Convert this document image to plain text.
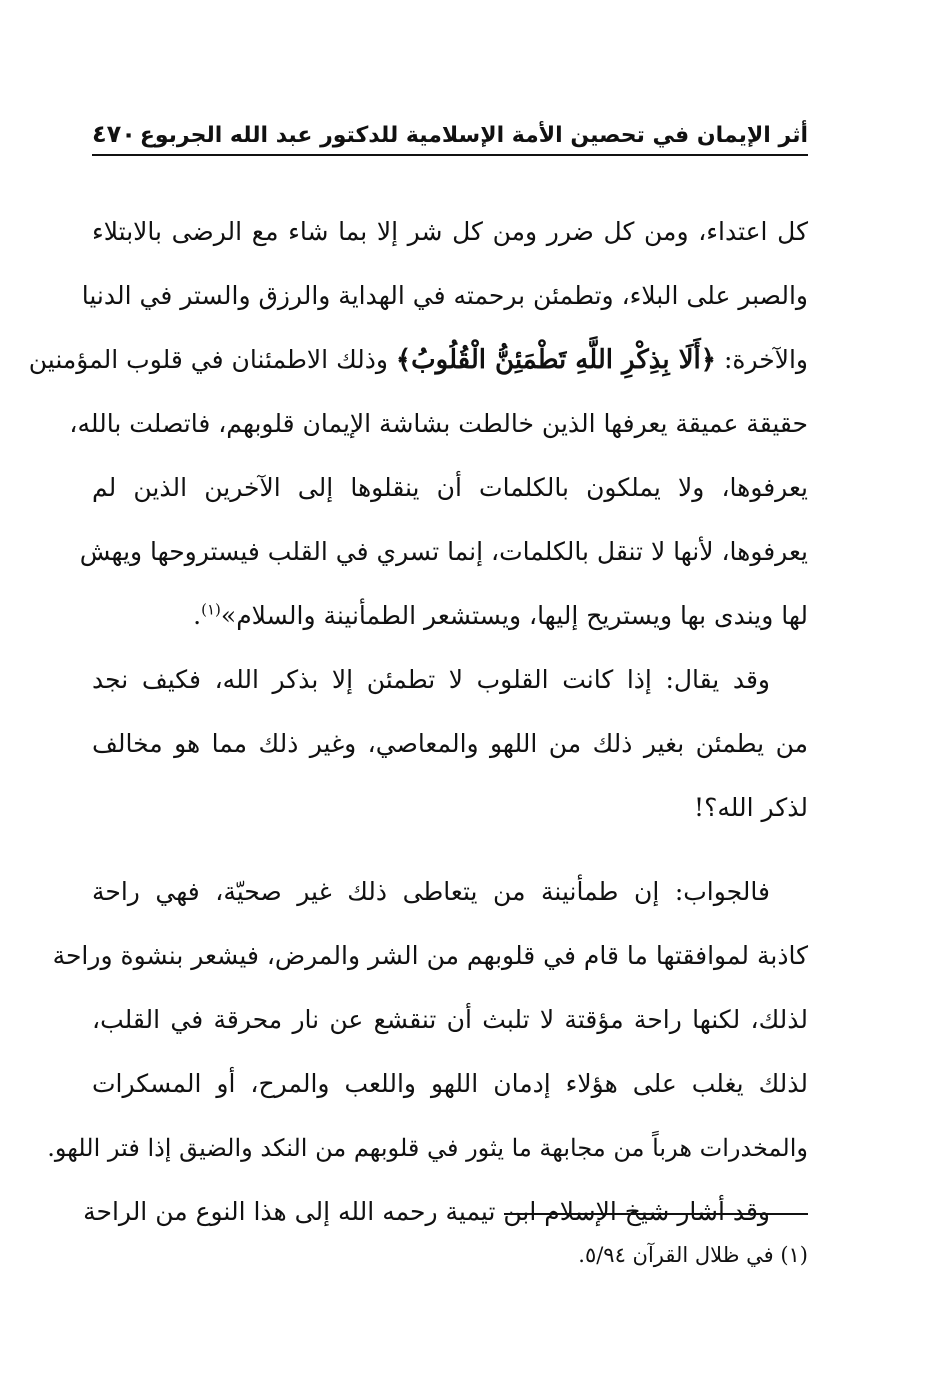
أثر الإيمان في تحصين الأمة الإسلامية للدكتور عبد الله الجربوع
٤٧٠
كل اعتداء، ومن كل ضرر ومن كل شر إلا بما شاء مع الرضى بالابتلاء
والصبر على البلاء، وتطمئن برحمته في الهداية والرزق والستر في الدنيا
والآخرة: ﴿أَلَا بِذِكْرِ اللَّهِ تَطْمَئِنُّ الْقُلُوبُ﴾ وذلك الاطمئنان في قلوب المؤمنين
حقيقة عميقة يعرفها الذين خالطت بشاشة الإيمان قلوبهم، فاتصلت بالله،
يعرفوها، ولا يملكون بالكلمات أن ينقلوها إلى الآخرين الذين لم
يعرفوها، لأنها لا تنقل بالكلمات، إنما تسري في القلب فيستروحها ويهش
لها ويندى بها ويستريح إليها، ويستشعر الطمأنينة والسلام»$^{(١)}$.
وقد يقال: إذا كانت القلوب لا تطمئن إلا بذكر الله، فكيف نجد
من يطمئن بغير ذلك من اللهو والمعاصي، وغير ذلك مما هو مخالف
لذكر الله؟!
فالجواب: إن طمأنينة من يتعاطى ذلك غير صحيّة، فهي راحة
كاذبة لموافقتها ما قام في قلوبهم من الشر والمرض، فيشعر بنشوة وراحة
لذلك، لكنها راحة مؤقتة لا تلبث أن تنقشع عن نار محرقة في القلب،
لذلك يغلب على هؤلاء إدمان اللهو واللعب والمرح، أو المسكرات
والمخدرات هرباً من مجابهة ما يثور في قلوبهم من النكد والضيق إذا فتر اللهو.
وقد أشار شيخ الإسلام ابن تيمية رحمه الله إلى هذا النوع من الراحة
(١) في ظلال القرآن ٥/٩٤.
